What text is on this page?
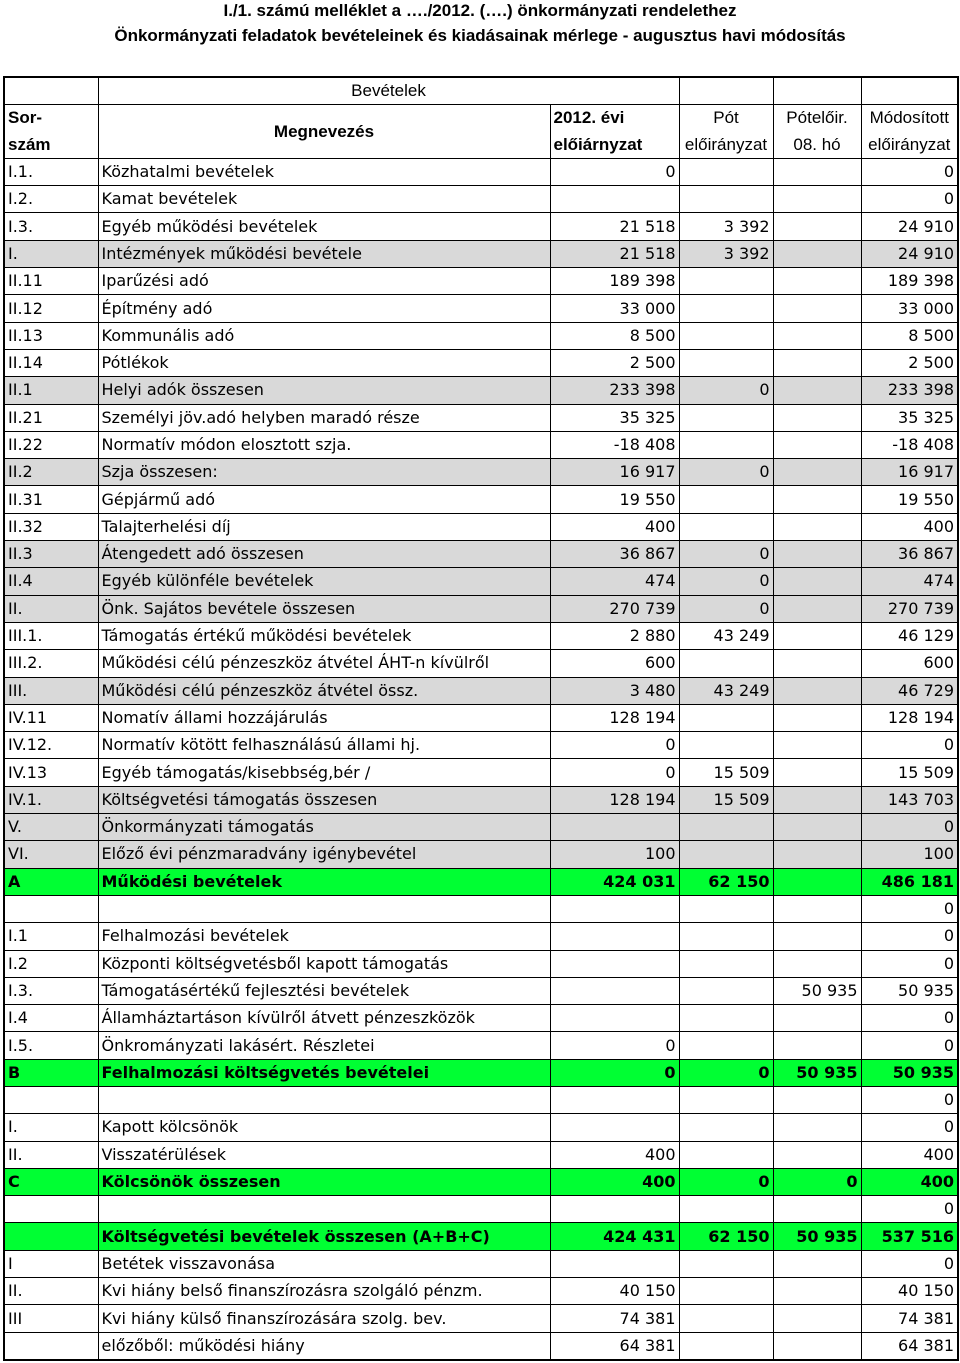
I./1. számú melléklet a …./2012. (….) önkormányzati rendelethez
Önkormányzati feladatok bevételeinek és kiadásainak mérlege - augusztus havi módosítás
	Bevételek				
Sor-	Megnevezés	2012. évi	Pót	Pótelőir.	Módosított
szám		előiárnyzat	előirányzat	08. hó	előirányzat
I.1.	Közhatalmi bevételek	0			0
I.2.	Kamat bevételek				0
I.3.	Egyéb működési bevételek	21 518	3 392		24 910
I.	Intézmények működési bevétele	21 518	3 392		24 910
II.11	Iparűzési adó	189 398			189 398
II.12	Építmény adó	33 000			33 000
II.13	Kommunális adó	8 500			8 500
II.14	Pótlékok	2 500			2 500
II.1	Helyi adók összesen	233 398	0		233 398
II.21	Személyi jöv.adó helyben maradó része	35 325			35 325
II.22	Normatív módon elosztott szja.	-18 408			-18 408
II.2	Szja összesen:	16 917	0		16 917
II.31	Gépjármű adó	19 550			19 550
II.32	Talajterhelési díj	400			400
II.3	Átengedett adó összesen	36 867	0		36 867
II.4	Egyéb különféle bevételek	474	0		474
II.	Önk. Sajátos bevétele összesen	270 739	0		270 739
III.1.	Támogatás értékű működési bevételek	2 880	43 249		46 129
III.2.	Működési célú pénzeszköz átvétel ÁHT-n kívülről	600			600
III.	Működési célú pénzeszköz átvétel össz.	3 480	43 249		46 729
IV.11	Nomatív állami hozzájárulás	128 194			128 194
IV.12.	Normatív kötött felhasználású állami hj.	0			0
IV.13	Egyéb támogatás/kisebbség,bér /	0	15 509		15 509
IV.1.	Költségvetési támogatás összesen	128 194	15 509		143 703
V.	Önkormányzati támogatás				0
VI.	Előző évi pénzmaradvány igénybevétel	100			100
A	Működési bevételek	424 031	62 150		486 181
					0
I.1	Felhalmozási bevételek				0
I.2	Központi költségvetésből kapott támogatás				0
I.3.	Támogatásértékű fejlesztési bevételek			50 935	50 935
I.4	Államháztartáson kívülről átvett pénzeszközök				0
I.5.	Önkrományzati lakásért. Részletei	0			0
B	Felhalmozási költségvetés bevételei	0	0	50 935	50 935
					0
I.	Kapott kölcsönök				0
II.	Visszatérülések	400			400
C	Kölcsönök összesen	400	0	0	400
					0
	Költségvetési bevételek összesen (A+B+C)	424 431	62 150	50 935	537 516
I	Betétek visszavonása				0
II.	Kvi hiány belső finanszírozásra szolgáló pénzm.	40 150			40 150
III	Kvi hiány külső finanszírozására szolg. bev.	74 381			74 381
	előzőből: működési hiány	64 381			64 381
